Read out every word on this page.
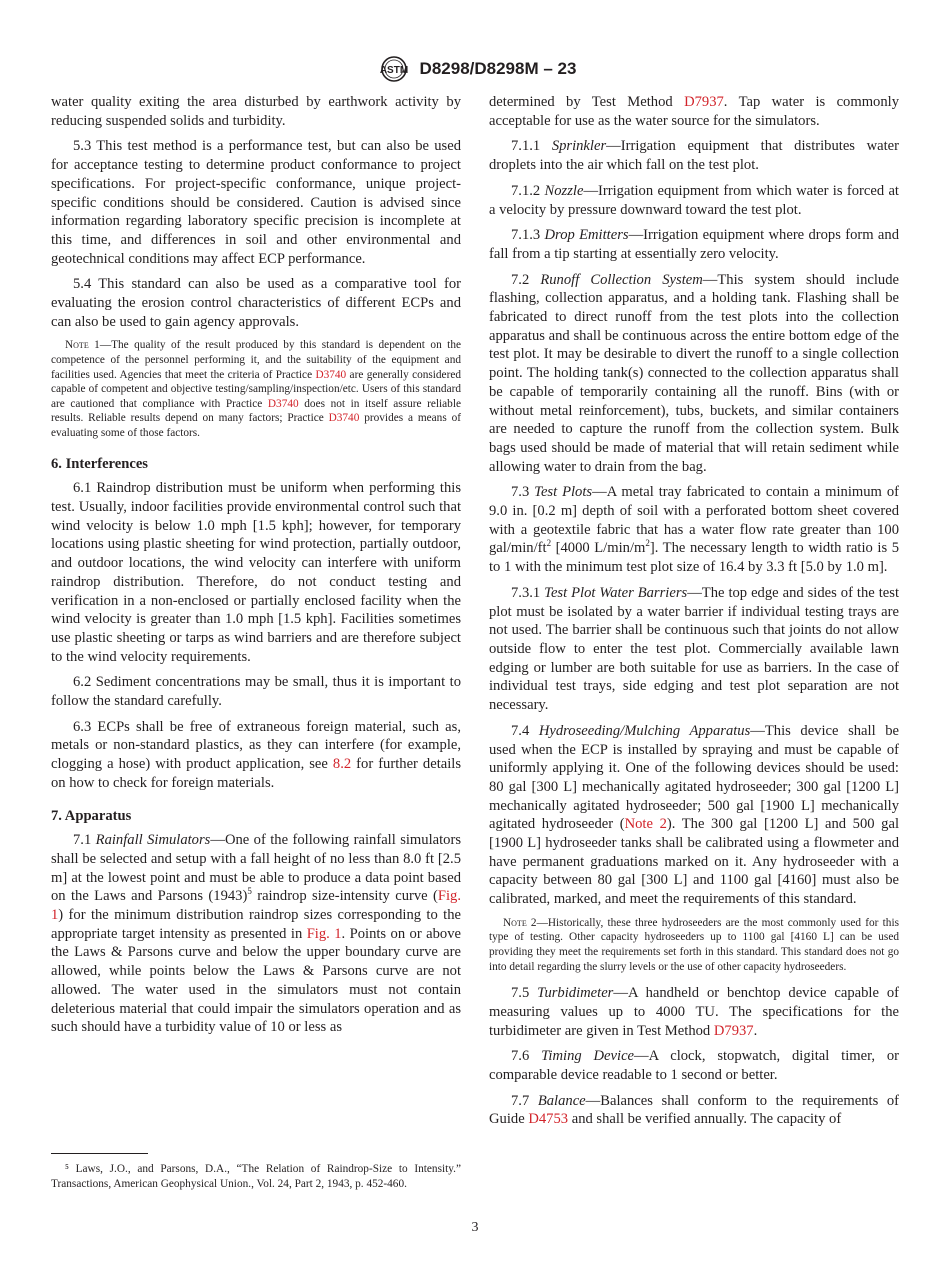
ASTM D8298/D8298M – 23

water quality exiting the area disturbed by earthwork activity by reducing suspended solids and turbidity.

5.3 This test method is a performance test, but can also be used for acceptance testing to determine product conformance to project specifications. For project-specific conformance, unique project-specific conditions should be considered. Caution is advised since information regarding laboratory specific precision is incomplete at this time, and differences in soil and other environmental and geotechnical conditions may affect ECP performance.

5.4 This standard can also be used as a comparative tool for evaluating the erosion control characteristics of different ECPs and can also be used to gain agency approvals.

Note 1—The quality of the result produced by this standard is dependent on the competence of the personnel performing it, and the suitability of the equipment and facilities used. Agencies that meet the criteria of Practice D3740 are generally considered capable of competent and objective testing/sampling/inspection/etc. Users of this standard are cautioned that compliance with Practice D3740 does not in itself assure reliable results. Reliable results depend on many factors; Practice D3740 provides a means of evaluating some of those factors.

6. Interferences

6.1 Raindrop distribution must be uniform when performing this test. Usually, indoor facilities provide environmental control such that wind velocity is below 1.0 mph [1.5 kph]; however, for temporary locations using plastic sheeting for wind protection, partially outdoor, and outdoor locations, the wind velocity can interfere with uniform raindrop distribution. Therefore, do not conduct testing and verification in a non-enclosed or partially enclosed facility when the wind velocity is greater than 1.0 mph [1.5 kph]. Facilities sometimes use plastic sheeting or tarps as wind barriers and are therefore subject to the wind velocity requirements.

6.2 Sediment concentrations may be small, thus it is important to follow the standard carefully.

6.3 ECPs shall be free of extraneous foreign material, such as, metals or non-standard plastics, as they can interfere (for example, clogging a hose) with product application, see 8.2 for further details on how to check for foreign materials.

7. Apparatus

7.1 Rainfall Simulators—One of the following rainfall simulators shall be selected and setup with a fall height of no less than 8.0 ft [2.5 m] at the lowest point and must be able to produce a data point based on the Laws and Parsons $(1943)^5$ raindrop size-intensity curve (Fig. 1) for the minimum distribution raindrop sizes corresponding to the appropriate target intensity as presented in Fig. 1. Points on or above the Laws & Parsons curve and below the upper boundary curve are allowed, while points below the Laws & Parsons curve are not allowed. The water used in the simulators must not contain deleterious material that could impair the simulators operation and as such should have a turbidity value of 10 or less as

⁵ Laws, J.O., and Parsons, D.A., “The Relation of Raindrop-Size to Intensity.” Transactions, American Geophysical Union., Vol. 24, Part 2, 1943, p. 452-460.

determined by Test Method D7937. Tap water is commonly acceptable for use as the water source for the simulators.

7.1.1 Sprinkler—Irrigation equipment that distributes water droplets into the air which fall on the test plot.

7.1.2 Nozzle—Irrigation equipment from which water is forced at a velocity by pressure downward toward the test plot.

7.1.3 Drop Emitters—Irrigation equipment where drops form and fall from a tip starting at essentially zero velocity.

7.2 Runoff Collection System—This system should include flashing, collection apparatus, and a holding tank. Flashing shall be fabricated to direct runoff from the test plots into the collection apparatus and shall be continuous across the entire bottom edge of the test plot. It may be desirable to divert the runoff to a single collection point. The holding tank(s) connected to the collection apparatus shall be capable of temporarily containing all the runoff. Bins (with or without metal reinforcement), tubs, buckets, and similar containers are needed to capture the runoff from the collection system. Bulk bags used should be made of material that will retain sediment while allowing water to drain from the bag.

7.3 Test Plots—A metal tray fabricated to contain a minimum of 9.0 in. [0.2 m] depth of soil with a perforated bottom sheet covered with a geotextile fabric that has a water flow rate greater than 100 gal/$\min/ft^2$ [4000 $L/\min/m^2$]. The necessary length to width ratio is 5 to 1 with the minimum test plot size of 16.4 by 3.3 ft [5.0 by 1.0 m].

7.3.1 Test Plot Water Barriers—The top edge and sides of the test plot must be isolated by a water barrier if individual testing trays are not used. The barrier shall be continuous such that joints do not allow outside flow to enter the test plot. Commercially available lawn edging or lumber are both suitable for use as barriers. In the case of individual test trays, side edging and test plot separation are not necessary.

7.4 Hydroseeding/Mulching Apparatus—This device shall be used when the ECP is installed by spraying and must be capable of uniformly applying it. One of the following devices should be used: 80 gal [300 L] mechanically agitated hydroseeder; 300 gal [1200 L] mechanically agitated hydroseeder; 500 gal [1900 L] mechanically agitated hydroseeder (Note 2). The 300 gal [1200 L] and 500 gal [1900 L] hydroseeder tanks shall be calibrated using a flowmeter and have permanent graduations marked on it. Any hydroseeder with a capacity between 80 gal [300 L] and 1100 gal [4160] must also be calibrated, marked, and meet the requirements of this standard.

Note 2—Historically, these three hydroseeders are the most commonly used for this type of testing. Other capacity hydroseeders up to 1100 gal [4160 L] can be used providing they meet the requirements set forth in this standard. This standard does not go into detail regarding the slurry levels or the use of other capacity hydroseeders.

7.5 Turbidimeter—A handheld or benchtop device capable of measuring values up to 4000 TU. The specifications for the turbidimeter are given in Test Method D7937.

7.6 Timing Device—A clock, stopwatch, digital timer, or comparable device readable to 1 second or better.

7.7 Balance—Balances shall conform to the requirements of Guide D4753 and shall be verified annually. The capacity of

3
